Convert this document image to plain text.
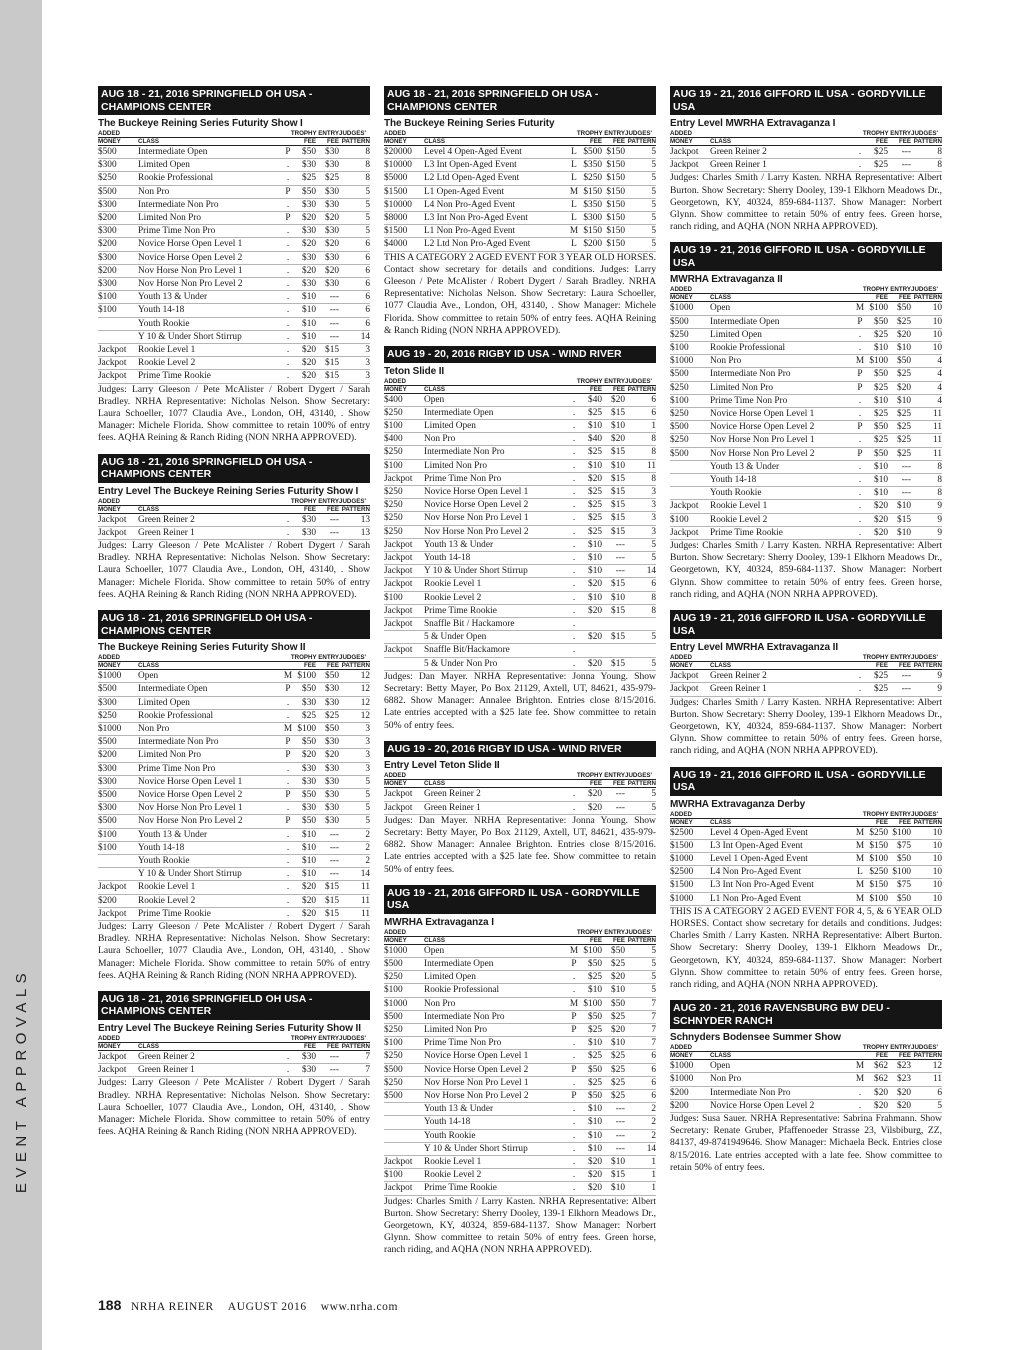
EVENT APPROVALS
AUG 18 - 21, 2016 SPRINGFIELD OH USA - CHAMPIONS CENTER
The Buckeye Reining Series Futurity Show I
ADDED		TROPHY ENTRY			JUDGES'
MONEY	CLASS		FEE	FEE	PATTERN
$500	Intermediate Open	P	$50	$30	8
$300	Limited Open	.	$30	$30	8
$250	Rookie Professional	.	$25	$25	8
$500	Non Pro	P	$50	$30	5
$300	Intermediate Non Pro	.	$30	$30	5
$200	Limited Non Pro	P	$20	$20	5
$300	Prime Time Non Pro	.	$30	$30	5
$200	Novice Horse Open Level 1	.	$20	$20	6
$300	Novice Horse Open Level 2	.	$30	$30	6
$200	Nov Horse Non Pro Level 1	.	$20	$20	6
$300	Nov Horse Non Pro Level 2	.	$30	$30	6
$100	Youth 13 & Under	.	$10	---	6
$100	Youth 14-18	.	$10	---	6
	Youth Rookie	.	$10	---	6
	Y 10 & Under Short Stirrup	.	$10	---	14
Jackpot	Rookie Level 1	.	$20	$15	3
Jackpot	Rookie Level 2	.	$20	$15	3
Jackpot	Prime Time Rookie	.	$20	$15	3

Judges: Larry Gleeson / Pete McAlister / Robert Dygert / Sarah Bradley. NRHA Representative: Nicholas Nelson. Show Secretary: Laura Schoeller, 1077 Claudia Ave., London, OH, 43140, . Show Manager: Michele Florida. Show committee to retain 100% of entry fees. AQHA Reining & Ranch Riding (NON NRHA APPROVED).

AUG 18 - 21, 2016 SPRINGFIELD OH USA - CHAMPIONS CENTER
Entry Level The Buckeye Reining Series Futurity Show I
ADDED		TROPHY ENTRY			JUDGES'
MONEY	CLASS		FEE	FEE	PATTERN
Jackpot	Green Reiner 2	.	$30	---	13
Jackpot	Green Reiner 1	.	$30	---	13

Judges: Larry Gleeson / Pete McAlister / Robert Dygert / Sarah Bradley. NRHA Representative: Nicholas Nelson. Show Secretary: Laura Schoeller, 1077 Claudia Ave., London, OH, 43140, . Show Manager: Michele Florida. Show committee to retain 50% of entry fees. AQHA Reining & Ranch Riding (NON NRHA APPROVED).

AUG 18 - 21, 2016 SPRINGFIELD OH USA - CHAMPIONS CENTER
The Buckeye Reining Series Futurity Show II
ADDED		TROPHY ENTRY			JUDGES'
MONEY	CLASS		FEE	FEE	PATTERN
$1000	Open	M	$100	$50	12
$500	Intermediate Open	P	$50	$30	12
$300	Limited Open	.	$30	$30	12
$250	Rookie Professional	.	$25	$25	12
$1000	Non Pro	M	$100	$50	3
$500	Intermediate Non Pro	P	$50	$30	3
$200	Limited Non Pro	P	$20	$20	3
$300	Prime Time Non Pro	.	$30	$30	3
$300	Novice Horse Open Level 1	.	$30	$30	5
$500	Novice Horse Open Level 2	P	$50	$30	5
$300	Nov Horse Non Pro Level 1	.	$30	$30	5
$500	Nov Horse Non Pro Level 2	P	$50	$30	5
$100	Youth 13 & Under	.	$10	---	2
$100	Youth 14-18	.	$10	---	2
	Youth Rookie	.	$10	---	2
	Y 10 & Under Short Stirrup	.	$10	---	14
Jackpot	Rookie Level 1	.	$20	$15	11
$200	Rookie Level 2	.	$20	$15	11
Jackpot	Prime Time Rookie	.	$20	$15	11

Judges: Larry Gleeson / Pete McAlister / Robert Dygert / Sarah Bradley. NRHA Representative: Nicholas Nelson. Show Secretary: Laura Schoeller, 1077 Claudia Ave., London, OH, 43140, . Show Manager: Michele Florida. Show committee to retain 50% of entry fees. AQHA Reining & Ranch Riding (NON NRHA APPROVED).

AUG 18 - 21, 2016 SPRINGFIELD OH USA - CHAMPIONS CENTER
Entry Level The Buckeye Reining Series Futurity Show II
ADDED		TROPHY ENTRY			JUDGES'
MONEY	CLASS		FEE	FEE	PATTERN
Jackpot	Green Reiner 2	.	$30	---	7
Jackpot	Green Reiner 1	.	$30	---	7

Judges: Larry Gleeson / Pete McAlister / Robert Dygert / Sarah Bradley. NRHA Representative: Nicholas Nelson. Show Secretary: Laura Schoeller, 1077 Claudia Ave., London, OH, 43140, . Show Manager: Michele Florida. Show committee to retain 50% of entry fees. AQHA Reining & Ranch Riding (NON NRHA APPROVED).

AUG 18 - 21, 2016 SPRINGFIELD OH USA - CHAMPIONS CENTER
The Buckeye Reining Series Futurity
ADDED		TROPHY ENTRY			JUDGES'
MONEY	CLASS		FEE	FEE	PATTERN
$20000	Level 4 Open-Aged Event	L	$500	$150	5
$10000	L3 Int Open-Aged Event	L	$350	$150	5
$5000	L2 Ltd Open-Aged Event	L	$250	$150	5
$1500	L1 Open-Aged Event	M	$150	$150	5
$10000	L4 Non Pro-Aged Event	L	$350	$150	5
$8000	L3 Int Non Pro-Aged Event	L	$300	$150	5
$1500	L1 Non Pro-Aged Event	M	$150	$150	5
$4000	L2 Ltd Non Pro-Aged Event	L	$200	$150	5

THIS A CATEGORY 2 AGED EVENT FOR 3 YEAR OLD HORSES. Contact show secretary for details and conditions. Judges: Larry Gleeson / Pete McAlister / Robert Dygert / Sarah Bradley. NRHA Representative: Nicholas Nelson. Show Secretary: Laura Schoeller, 1077 Claudia Ave., London, OH, 43140, . Show Manager: Michele Florida. Show committee to retain 50% of entry fees. AQHA Reining & Ranch Riding (NON NRHA APPROVED).

AUG 19 - 20, 2016 RIGBY ID USA - WIND RIVER
Teton Slide II
ADDED		TROPHY ENTRY			JUDGES'
MONEY	CLASS		FEE	FEE	PATTERN
$400	Open	.	$40	$20	6
$250	Intermediate Open	.	$25	$15	6
$100	Limited Open	.	$10	$10	1
$400	Non Pro	.	$40	$20	8
$250	Intermediate Non Pro	.	$25	$15	8
$100	Limited Non Pro	.	$10	$10	11
Jackpot	Prime Time Non Pro	.	$20	$15	8
$250	Novice Horse Open Level 1	.	$25	$15	3
$250	Novice Horse Open Level 2	.	$25	$15	3
$250	Nov Horse Non Pro Level 1	.	$25	$15	3
$250	Nov Horse Non Pro Level 2	.	$25	$15	3
Jackpot	Youth 13 & Under	.	$10	---	5
Jackpot	Youth 14-18	.	$10	---	5
Jackpot	Y 10 & Under Short Stirrup	.	$10	---	14
Jackpot	Rookie Level 1	.	$20	$15	6
$100	Rookie Level 2	.	$10	$10	8
Jackpot	Prime Time Rookie	.	$20	$15	8
Jackpot	Snaffle Bit / Hackamore	.			
	5 & Under Open	.	$20	$15	5
Jackpot	Snaffle Bit/Hackamore	.			
	5 & Under Non Pro	.	$20	$15	5

Judges: Dan Mayer. NRHA Representative: Jonna Young. Show Secretary: Betty Mayer, Po Box 21129, Axtell, UT, 84621, 435-979-6882. Show Manager: Annalee Brighton. Entries close 8/15/2016. Late entries accepted with a $25 late fee. Show committee to retain 50% of entry fees.

AUG 19 - 20, 2016 RIGBY ID USA - WIND RIVER
Entry Level Teton Slide II
ADDED		TROPHY ENTRY			JUDGES'
MONEY	CLASS		FEE	FEE	PATTERN
Jackpot	Green Reiner 2	.	$20	---	5
Jackpot	Green Reiner 1	.	$20	---	5

Judges: Dan Mayer. NRHA Representative: Jonna Young. Show Secretary: Betty Mayer, Po Box 21129, Axtell, UT, 84621, 435-979-6882. Show Manager: Annalee Brighton. Entries close 8/15/2016. Late entries accepted with a $25 late fee. Show committee to retain 50% of entry fees.

AUG 19 - 21, 2016 GIFFORD IL USA - GORDYVILLE USA
MWRHA Extravaganza I
ADDED		TROPHY ENTRY			JUDGES'
MONEY	CLASS		FEE	FEE	PATTERN
$1000	Open	M	$100	$50	5
$500	Intermediate Open	P	$50	$25	5
$250	Limited Open	.	$25	$20	5
$100	Rookie Professional	.	$10	$10	5
$1000	Non Pro	M	$100	$50	7
$500	Intermediate Non Pro	P	$50	$25	7
$250	Limited Non Pro	P	$25	$20	7
$100	Prime Time Non Pro	.	$10	$10	7
$250	Novice Horse Open Level 1	.	$25	$25	6
$500	Novice Horse Open Level 2	P	$50	$25	6
$250	Nov Horse Non Pro Level 1	.	$25	$25	6
$500	Nov Horse Non Pro Level 2	P	$50	$25	6
	Youth 13 & Under	.	$10	---	2
	Youth 14-18	.	$10	---	2
	Youth Rookie	.	$10	---	2
	Y 10 & Under Short Stirrup	.	$10	---	14
Jackpot	Rookie Level 1	.	$20	$10	1
$100	Rookie Level 2	.	$20	$15	1
Jackpot	Prime Time Rookie	.	$20	$10	1

Judges: Charles Smith / Larry Kasten. NRHA Representative: Albert Burton. Show Secretary: Sherry Dooley, 139-1 Elkhorn Meadows Dr., Georgetown, KY, 40324, 859-684-1137. Show Manager: Norbert Glynn. Show committee to retain 50% of entry fees. Green horse, ranch riding, and AQHA (NON NRHA APPROVED).

AUG 19 - 21, 2016 GIFFORD IL USA - GORDYVILLE USA
Entry Level MWRHA Extravaganza I
ADDED		TROPHY ENTRY			JUDGES'
MONEY	CLASS		FEE	FEE	PATTERN
Jackpot	Green Reiner 2	.	$25	---	8
Jackpot	Green Reiner 1	.	$25	---	8

Judges: Charles Smith / Larry Kasten. NRHA Representative: Albert Burton. Show Secretary: Sherry Dooley, 139-1 Elkhorn Meadows Dr., Georgetown, KY, 40324, 859-684-1137. Show Manager: Norbert Glynn. Show committee to retain 50% of entry fees. Green horse, ranch riding, and AQHA (NON NRHA APPROVED).

AUG 19 - 21, 2016 GIFFORD IL USA - GORDYVILLE USA
MWRHA Extravaganza II
ADDED		TROPHY ENTRY			JUDGES'
MONEY	CLASS		FEE	FEE	PATTERN
$1000	Open	M	$100	$50	10
$500	Intermediate Open	P	$50	$25	10
$250	Limited Open	.	$25	$20	10
$100	Rookie Professional	.	$10	$10	10
$1000	Non Pro	M	$100	$50	4
$500	Intermediate Non Pro	P	$50	$25	4
$250	Limited Non Pro	P	$25	$20	4
$100	Prime Time Non Pro	.	$10	$10	4
$250	Novice Horse Open Level 1	.	$25	$25	11
$500	Novice Horse Open Level 2	P	$50	$25	11
$250	Nov Horse Non Pro Level 1	.	$25	$25	11
$500	Nov Horse Non Pro Level 2	P	$50	$25	11
	Youth 13 & Under	.	$10	---	8
	Youth 14-18	.	$10	---	8
	Youth Rookie	.	$10	---	8
Jackpot	Rookie Level 1	.	$20	$10	9
$100	Rookie Level 2	.	$20	$15	9
Jackpot	Prime Time Rookie	.	$20	$10	9

Judges: Charles Smith / Larry Kasten. NRHA Representative: Albert Burton. Show Secretary: Sherry Dooley, 139-1 Elkhorn Meadows Dr., Georgetown, KY, 40324, 859-684-1137. Show Manager: Norbert Glynn. Show committee to retain 50% of entry fees. Green horse, ranch riding, and AQHA (NON NRHA APPROVED).

AUG 19 - 21, 2016 GIFFORD IL USA - GORDYVILLE USA
Entry Level MWRHA Extravaganza II
ADDED		TROPHY ENTRY			JUDGES'
MONEY	CLASS		FEE	FEE	PATTERN
Jackpot	Green Reiner 2	.	$25	---	9
Jackpot	Green Reiner 1	.	$25	---	9

Judges: Charles Smith / Larry Kasten. NRHA Representative: Albert Burton. Show Secretary: Sherry Dooley, 139-1 Elkhorn Meadows Dr., Georgetown, KY, 40324, 859-684-1137. Show Manager: Norbert Glynn. Show committee to retain 50% of entry fees. Green horse, ranch riding, and AQHA (NON NRHA APPROVED).

AUG 19 - 21, 2016 GIFFORD IL USA - GORDYVILLE USA
MWRHA Extravaganza Derby
ADDED		TROPHY ENTRY			JUDGES'
MONEY	CLASS		FEE	FEE	PATTERN
$2500	Level 4 Open-Aged Event	M	$250	$100	10
$1500	L3 Int Open-Aged Event	M	$150	$75	10
$1000	Level 1 Open-Aged Event	M	$100	$50	10
$2500	L4 Non Pro-Aged Event	L	$250	$100	10
$1500	L3 Int Non Pro-Aged Event	M	$150	$75	10
$1000	L1 Non Pro-Aged Event	M	$100	$50	10

THIS IS A CATEGORY 2 AGED EVENT FOR 4, 5, & 6 YEAR OLD HORSES. Contact show secretary for details and conditions. Judges: Charles Smith / Larry Kasten. NRHA Representative: Albert Burton. Show Secretary: Sherry Dooley, 139-1 Elkhorn Meadows Dr., Georgetown, KY, 40324, 859-684-1137. Show Manager: Norbert Glynn. Show committee to retain 50% of entry fees. Green horse, ranch riding, and AQHA (NON NRHA APPROVED).

AUG 20 - 21, 2016 RAVENSBURG BW DEU - SCHNYDER RANCH
Schnyders Bodensee Summer Show
ADDED		TROPHY ENTRY			JUDGES'
MONEY	CLASS		FEE	FEE	PATTERN
$1000	Open	M	$62	$23	12
$1000	Non Pro	M	$62	$23	11
$200	Intermediate Non Pro	.	$20	$20	6
$200	Novice Horse Open Level 2	.	$20	$20	5

Judges: Susa Sauer. NRHA Representative: Sabrina Frahmann. Show Secretary: Renate Gruber, Pfaffenoeder Strasse 23, Vilsbiburg, ZZ, 84137, 49-8741949646. Show Manager: Michaela Beck. Entries close 8/15/2016. Late entries accepted with a late fee. Show committee to retain 50% of entry fees.

188 NRHA REINER AUGUST 2016 www.nrha.com
